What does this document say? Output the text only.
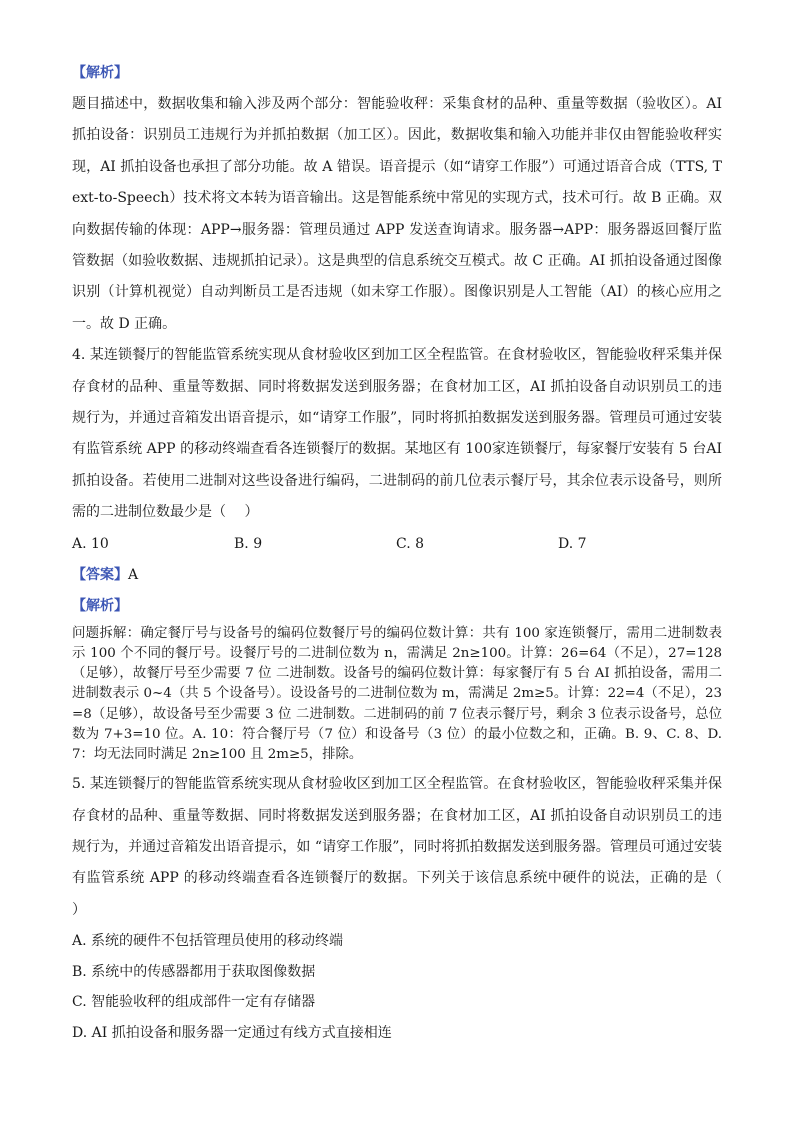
【解析】

题目描述中，数据收集和输入涉及两个部分：智能验收秤：采集食材的品种、重量等数据（验收区）。AI 抓拍设备：识别员工违规行为并抓拍数据（加工区）。因此，数据收集和输入功能并非仅由智能验收秤实现，AI 抓拍设备也承担了部分功能。故 A 错误。语音提示（如“请穿工作服”）可通过语音合成（TTS, Text-to-Speech）技术将文本转为语音输出。这是智能系统中常见的实现方式，技术可行。故 B 正确。双向数据传输的体现：APP→服务器：管理员通过 APP 发送查询请求。服务器→APP：服务器返回餐厅监管数据（如验收数据、违规抓拍记录）。这是典型的信息系统交互模式。故 C 正确。AI 抓拍设备通过图像识别（计算机视觉）自动判断员工是否违规（如未穿工作服）。图像识别是人工智能（AI）的核心应用之一。故 D 正确。

4. 某连锁餐厅的智能监管系统实现从食材验收区到加工区全程监管。在食材验收区，智能验收秤采集并保存食材的品种、重量等数据、同时将数据发送到服务器；在食材加工区，AI 抓拍设备自动识别员工的违规行为，并通过音箱发出语音提示，如“请穿工作服”，同时将抓拍数据发送到服务器。管理员可通过安装有监管系统 APP 的移动终端查看各连锁餐厅的数据。某地区有 100家连锁餐厅，每家餐厅安装有 5 台AI 抓拍设备。若使用二进制对这些设备进行编码，二进制码的前几位表示餐厅号，其余位表示设备号，则所需的二进制位数最少是（　 ）

A. 10	B. 9	C. 8	D. 7

【答案】A

【解析】

问题拆解：确定餐厅号与设备号的编码位数餐厅号的编码位数计算：共有 100 家连锁餐厅，需用二进制数表示 100 个不同的餐厅号。设餐厅号的二进制位数为 n，需满足 2n≥100。计算：26=64（不足），27=128（足够），故餐厅号至少需要 7 位 二进制数。设备号的编码位数计算：每家餐厅有 5 台 AI 抓拍设备，需用二进制数表示 0~4（共 5 个设备号）。设设备号的二进制位数为 m，需满足 2m≥5。计算：22=4（不足），23=8（足够），故设备号至少需要 3 位 二进制数。二进制码的前 7 位表示餐厅号，剩余 3 位表示设备号，总位数为 7+3=10 位。A. 10：符合餐厅号（7 位）和设备号（3 位）的最小位数之和，正确。B. 9、C. 8、D. 7：均无法同时满足 2n≥100 且 2m≥5，排除。

5. 某连锁餐厅的智能监管系统实现从食材验收区到加工区全程监管。在食材验收区，智能验收秤采集并保存食材的品种、重量等数据、同时将数据发送到服务器；在食材加工区，AI 抓拍设备自动识别员工的违规行为，并通过音箱发出语音提示，如 “请穿工作服”，同时将抓拍数据发送到服务器。管理员可通过安装有监管系统 APP 的移动终端查看各连锁餐厅的数据。下列关于该信息系统中硬件的说法，正确的是（　 ）

A. 系统的硬件不包括管理员使用的移动终端

B. 系统中的传感器都用于获取图像数据

C. 智能验收秤的组成部件一定有存储器

D. AI 抓拍设备和服务器一定通过有线方式直接相连
